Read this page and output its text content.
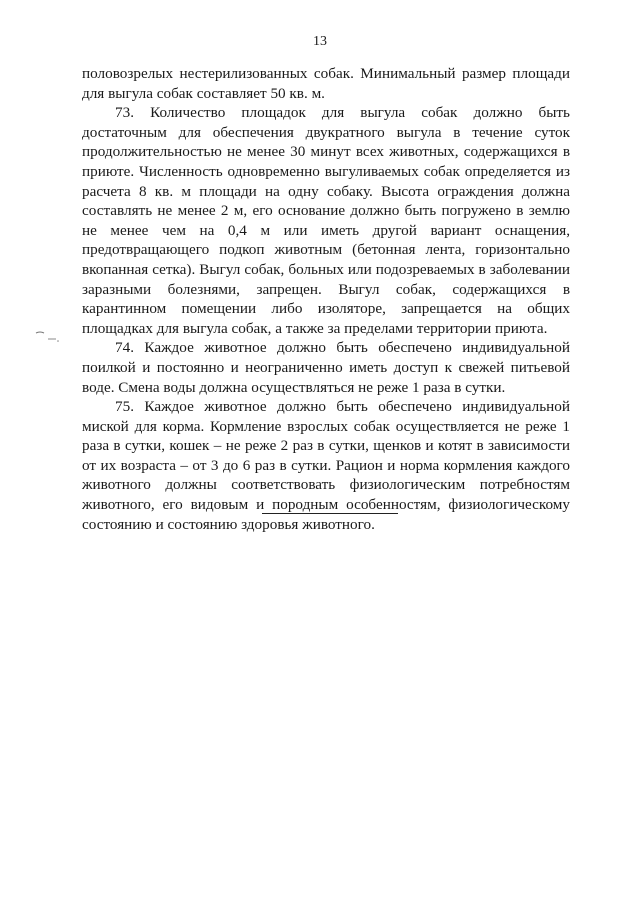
13

половозрелых нестерилизованных собак. Минимальный размер площади для выгула собак составляет 50 кв. м.

73. Количество площадок для выгула собак должно быть достаточным для обеспечения двукратного выгула в течение суток продолжительностью не менее 30 минут всех животных, содержащихся в приюте. Численность одновременно выгуливаемых собак определяется из расчета 8 кв. м площади на одну собаку. Высота ограждения должна составлять не менее 2 м, его основание должно быть погружено в землю не менее чем на 0,4 м или иметь другой вариант оснащения, предотвращающего подкоп животным (бетонная лента, горизонтально вкопанная сетка). Выгул собак, больных или подозреваемых в заболевании заразными болезнями, запрещен. Выгул собак, содержащихся в карантинном помещении либо изоляторе, запрещается на общих площадках для выгула собак, а также за пределами территории приюта.

74. Каждое животное должно быть обеспечено индивидуальной поилкой и постоянно и неограниченно иметь доступ к свежей питьевой воде. Смена воды должна осуществляться не реже 1 раза в сутки.

75. Каждое животное должно быть обеспечено индивидуальной миской для корма. Кормление взрослых собак осуществляется не реже 1 раза в сутки, кошек – не реже 2 раз в сутки, щенков и котят в зависимости от их возраста – от 3 до 6 раз в сутки. Рацион и норма кормления каждого животного должны соответствовать физиологическим потребностям животного, его видовым и породным особенностям, физиологическому состоянию и состоянию здоровья животного.
